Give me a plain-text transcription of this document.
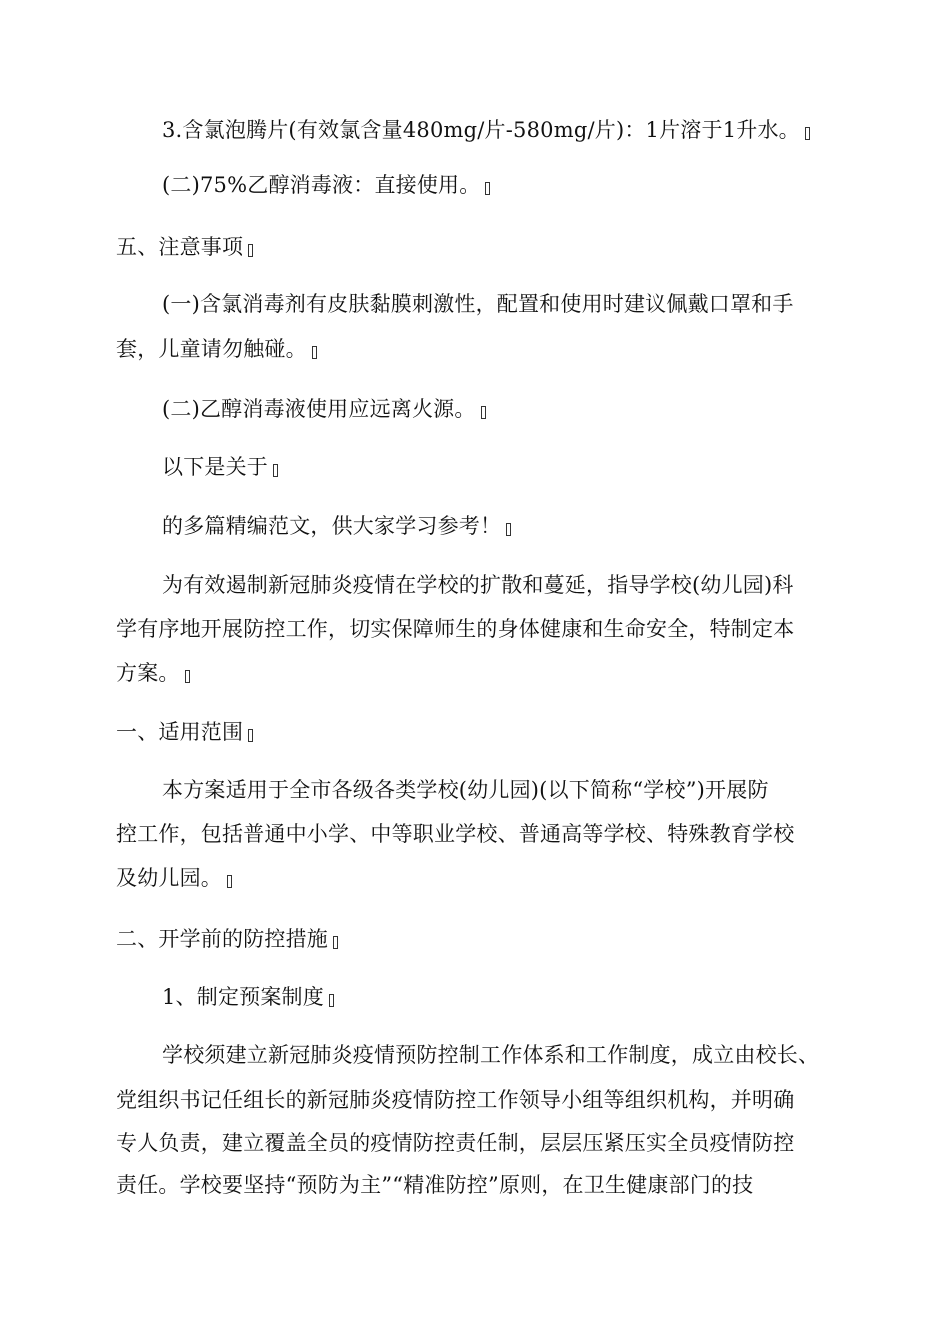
3.含氯泡腾片(有效氯含量480mg/片-580mg/片)：1片溶于1升水。
(二)75%乙醇消毒液：直接使用。
五、注意事项
(一)含氯消毒剂有皮肤黏膜刺激性，配置和使用时建议佩戴口罩和手
套，儿童请勿触碰。
(二)乙醇消毒液使用应远离火源。
以下是关于
的多篇精编范文，供大家学习参考！
为有效遏制新冠肺炎疫情在学校的扩散和蔓延，指导学校(幼儿园)科
学有序地开展防控工作，切实保障师生的身体健康和生命安全，特制定本
方案。
一、适用范围
本方案适用于全市各级各类学校(幼儿园)(以下简称“学校”)开展防
控工作，包括普通中小学、中等职业学校、普通高等学校、特殊教育学校
及幼儿园。
二、开学前的防控措施
1、制定预案制度
学校须建立新冠肺炎疫情预防控制工作体系和工作制度，成立由校长、
党组织书记任组长的新冠肺炎疫情防控工作领导小组等组织机构，并明确
专人负责，建立覆盖全员的疫情防控责任制，层层压紧压实全员疫情防控
责任。学校要坚持“预防为主”“精准防控”原则，在卫生健康部门的技
